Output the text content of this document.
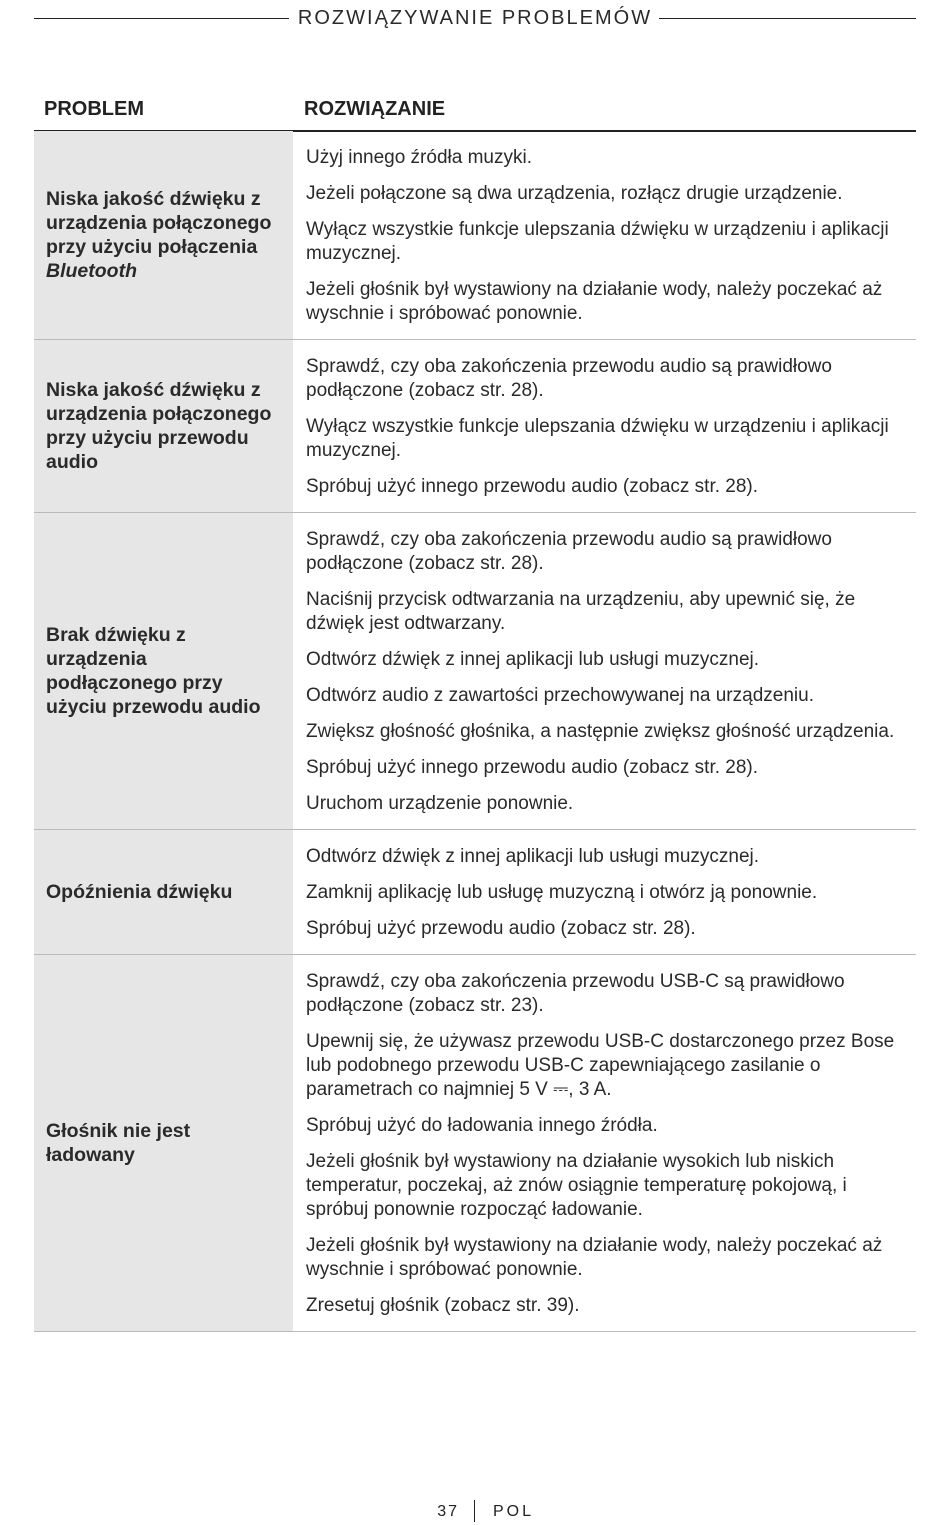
ROZWIĄZYWANIE PROBLEMÓW
PROBLEM	ROZWIĄZANIE
Niska jakość dźwięku z urządzenia połączonego przy użyciu połączenia Bluetooth

Użyj innego źródła muzyki.

Jeżeli połączone są dwa urządzenia, rozłącz drugie urządzenie.

Wyłącz wszystkie funkcje ulepszania dźwięku w urządzeniu i aplikacji muzycznej.

Jeżeli głośnik był wystawiony na działanie wody, należy poczekać aż wyschnie i spróbować ponownie.

Niska jakość dźwięku z urządzenia połączonego przy użyciu przewodu audio

Sprawdź, czy oba zakończenia przewodu audio są prawidłowo podłączone (zobacz str. 28).

Wyłącz wszystkie funkcje ulepszania dźwięku w urządzeniu i aplikacji muzycznej.

Spróbuj użyć innego przewodu audio (zobacz str. 28).

Brak dźwięku z urządzenia podłączonego przy użyciu przewodu audio

Sprawdź, czy oba zakończenia przewodu audio są prawidłowo podłączone (zobacz str. 28).

Naciśnij przycisk odtwarzania na urządzeniu, aby upewnić się, że dźwięk jest odtwarzany.

Odtwórz dźwięk z innej aplikacji lub usługi muzycznej.

Odtwórz audio z zawartości przechowywanej na urządzeniu.

Zwiększ głośność głośnika, a następnie zwiększ głośność urządzenia.

Spróbuj użyć innego przewodu audio (zobacz str. 28).

Uruchom urządzenie ponownie.

Opóźnienia dźwięku

Odtwórz dźwięk z innej aplikacji lub usługi muzycznej.

Zamknij aplikację lub usługę muzyczną i otwórz ją ponownie.

Spróbuj użyć przewodu audio (zobacz str. 28).

Głośnik nie jest ładowany

Sprawdź, czy oba zakończenia przewodu USB-C są prawidłowo podłączone (zobacz str. 23).

Upewnij się, że używasz przewodu USB-C dostarczonego przez Bose lub podobnego przewodu USB-C zapewniającego zasilanie o parametrach co najmniej 5 V ⎓, 3 A.

Spróbuj użyć do ładowania innego źródła.

Jeżeli głośnik był wystawiony na działanie wysokich lub niskich temperatur, poczekaj, aż znów osiągnie temperaturę pokojową, i spróbuj ponownie rozpocząć ładowanie.

Jeżeli głośnik był wystawiony na działanie wody, należy poczekać aż wyschnie i spróbować ponownie.

Zresetuj głośnik (zobacz str. 39).

37 POL
